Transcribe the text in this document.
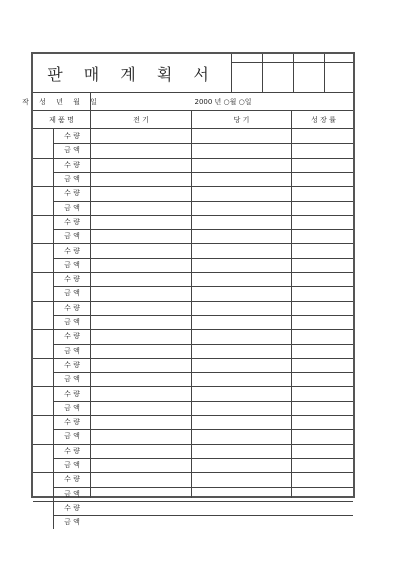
판 매 계 획 서
작 성 년 월 일	2000 년 ○월 ○일
제 품 명	전 기	당 기	성 장 률
수 량
금 액
수 량
금 액
수 량
금 액
수 량
금 액
수 량
금 액
수 량
금 액
수 량
금 액
수 량
금 액
수 량
금 액
수 량
금 액
수 량
금 액
수 량
금 액
수 량
금 액
수 량
금 액
